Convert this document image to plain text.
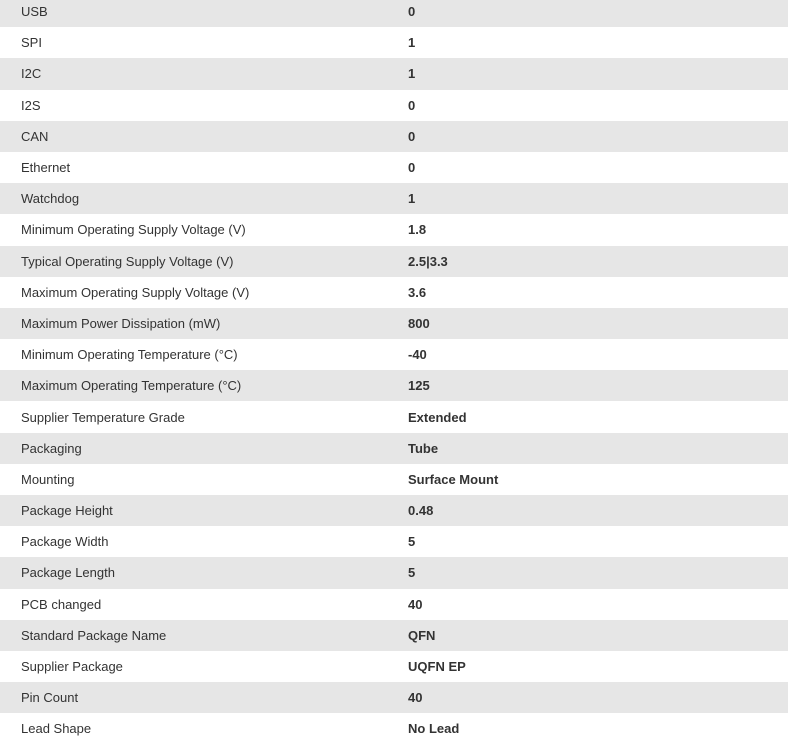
USB	0
SPI	1
I2C	1
I2S	0
CAN	0
Ethernet	0
Watchdog	1
Minimum Operating Supply Voltage (V)	1.8
Typical Operating Supply Voltage (V)	2.5|3.3
Maximum Operating Supply Voltage (V)	3.6
Maximum Power Dissipation (mW)	800
Minimum Operating Temperature (°C)	-40
Maximum Operating Temperature (°C)	125
Supplier Temperature Grade	Extended
Packaging	Tube
Mounting	Surface Mount
Package Height	0.48
Package Width	5
Package Length	5
PCB changed	40
Standard Package Name	QFN
Supplier Package	UQFN EP
Pin Count	40
Lead Shape	No Lead
